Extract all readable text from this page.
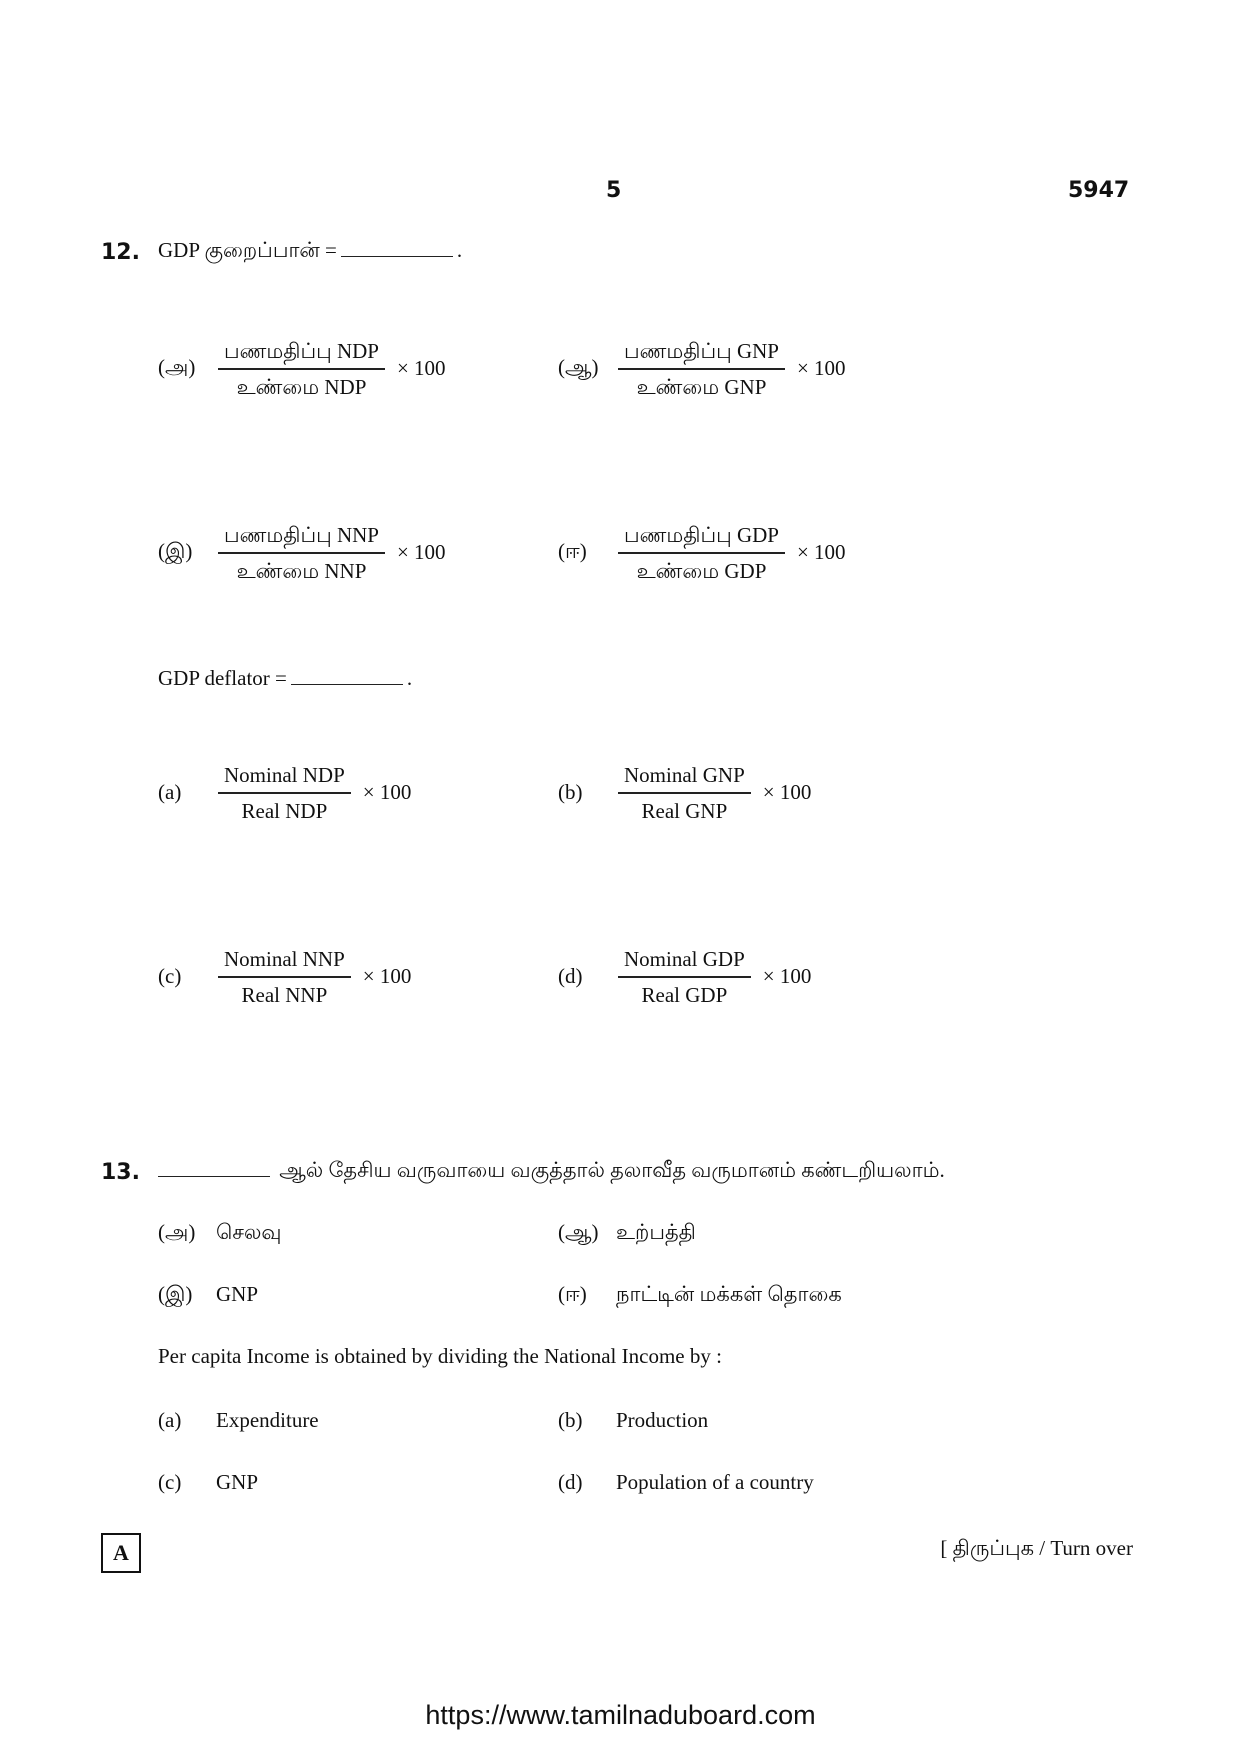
5	5947
12. GDP குறைப்பான் =	.
(அ)	$\frac{\text{பணமதிப்பு NDP}}{\text{உண்மை NDP}} \times 100$	(ஆ) $\frac{\text{பணமதிப்பு GNP}}{\text{உண்மை GNP}} \times 100$
(இ)	$\frac{\text{பணமதிப்பு NNP}}{\text{உண்மை NNP}} \times 100$	(ஈ)	$\frac{\text{பணமதிப்பு GDP}}{\text{உண்மை GDP}} \times 100$
GDP deflator =	.
(a)	$\frac{\text{Nominal NDP}}{\text{Real NDP}} \times 100$	(b)	$\frac{\text{Nominal GNP}}{\text{Real GNP}} \times 100$
(c)	$\frac{\text{Nominal NNP}}{\text{Real NNP}} \times 100$	(d)	$\frac{\text{Nominal GDP}}{\text{Real GDP}} \times 100$
13.	ஆல் தேசிய வருவாயை வகுத்தால் தலாவீத வருமானம் கண்டறியலாம்.
(அ) செலவு	(ஆ) உற்பத்தி
(இ) GNP	(ஈ) நாட்டின் மக்கள் தொகை
Per capita Income is obtained by dividing the National Income by :
(a) Expenditure	(b) Production
(c) GNP	(d) Population of a country
A	[ திருப்புக / Turn over
https://www.tamilnaduboard.com
